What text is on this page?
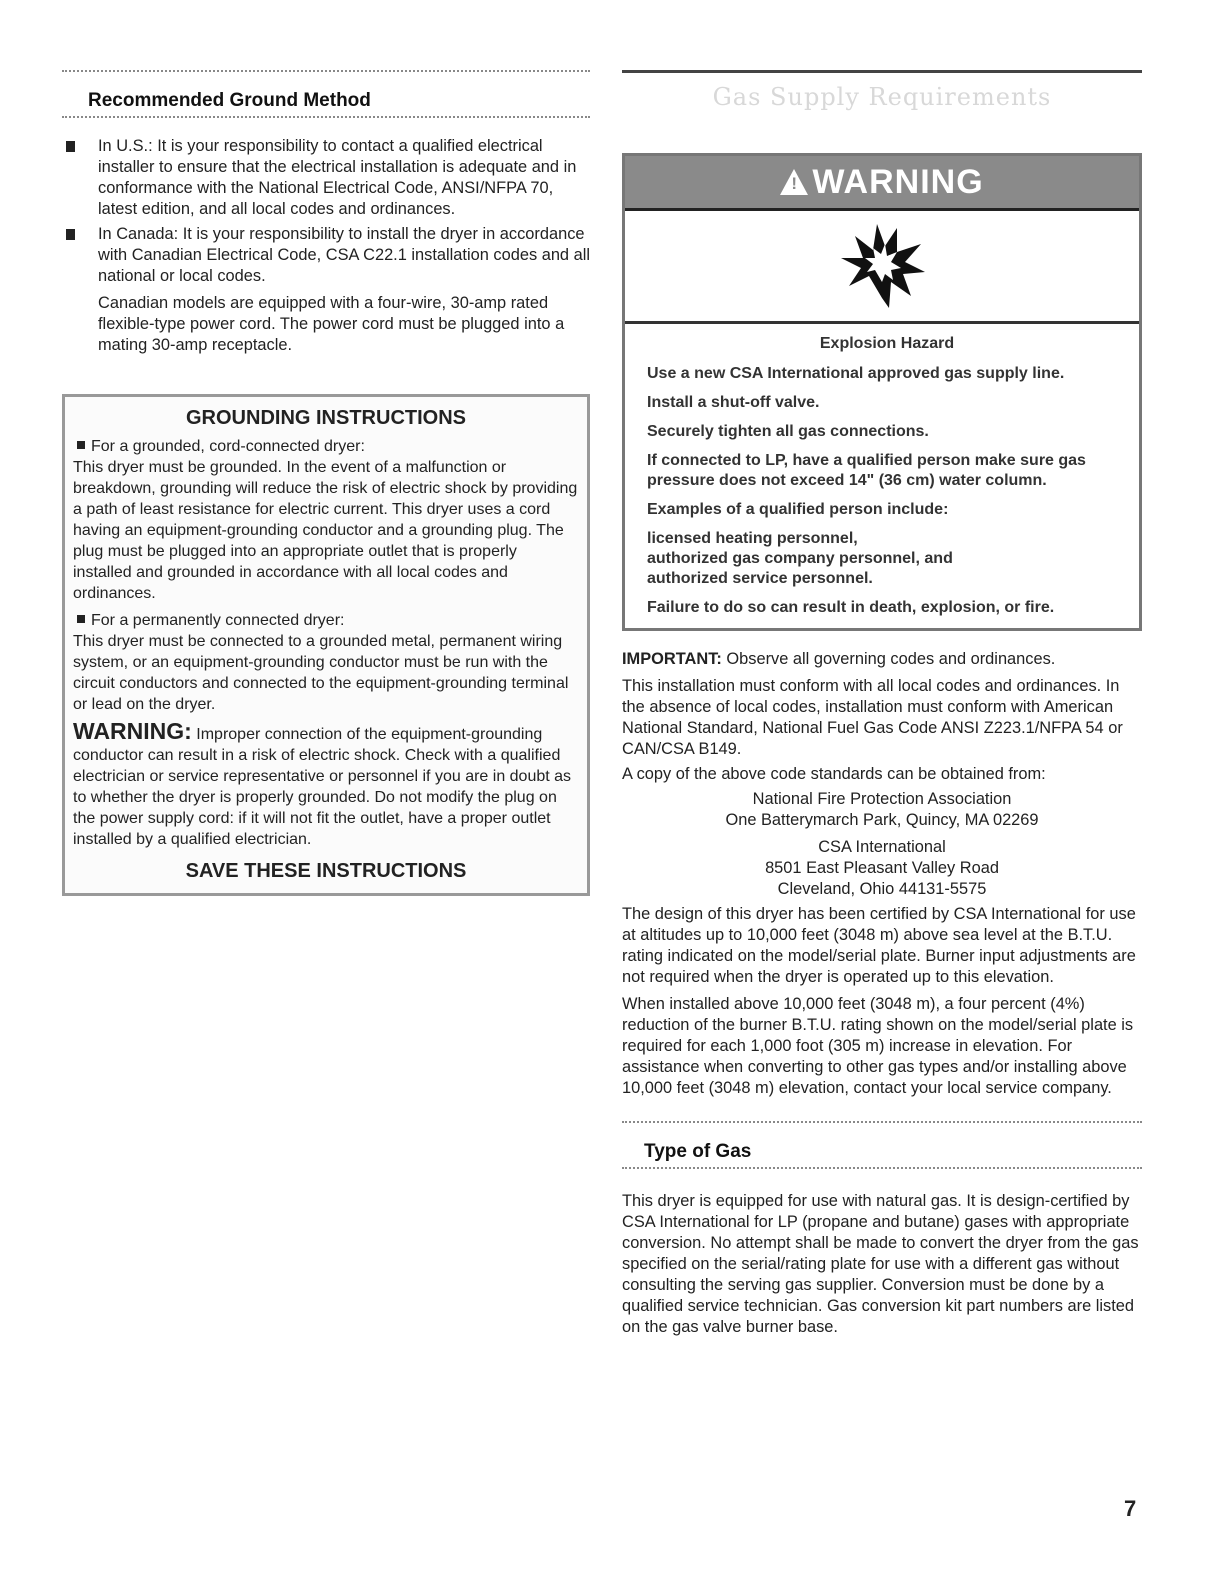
Recommended Ground Method
In U.S.: It is your responsibility to contact a qualified electrical installer to ensure that the electrical installation is adequate and in conformance with the National Electrical Code, ANSI/NFPA 70, latest edition, and all local codes and ordinances.
In Canada: It is your responsibility to install the dryer in accordance with Canadian Electrical Code, CSA C22.1 installation codes and all national or local codes.

Canadian models are equipped with a four-wire, 30-amp rated flexible-type power cord. The power cord must be plugged into a mating 30-amp receptacle.

GROUNDING INSTRUCTIONS
For a grounded, cord-connected dryer:
This dryer must be grounded. In the event of a malfunction or breakdown, grounding will reduce the risk of electric shock by providing a path of least resistance for electric current. This dryer uses a cord having an equipment-grounding conductor and a grounding plug. The plug must be plugged into an appropriate outlet that is properly installed and grounded in accordance with all local codes and ordinances.
For a permanently connected dryer:
This dryer must be connected to a grounded metal, permanent wiring system, or an equipment-grounding conductor must be run with the circuit conductors and connected to the equipment-grounding terminal or lead on the dryer.
WARNING: Improper connection of the equipment-grounding conductor can result in a risk of electric shock. Check with a qualified electrician or service representative or personnel if you are in doubt as to whether the dryer is properly grounded. Do not modify the plug on the power supply cord: if it will not fit the outlet, have a proper outlet installed by a qualified electrician.
SAVE THESE INSTRUCTIONS
Gas Supply Requirements
! WARNING
Explosion Hazard

Use a new CSA International approved gas supply line.

Install a shut-off valve.

Securely tighten all gas connections.

If connected to LP, have a qualified person make sure gas pressure does not exceed 14" (36 cm) water column.

Examples of a qualified person include:

licensed heating personnel,
authorized gas company personnel, and

authorized service personnel.

Failure to do so can result in death, explosion, or fire.

IMPORTANT: Observe all governing codes and ordinances.

This installation must conform with all local codes and ordinances. In the absence of local codes, installation must conform with American National Standard, National Fuel Gas Code ANSI Z223.1/NFPA 54 or CAN/CSA B149.

A copy of the above code standards can be obtained from:

National Fire Protection Association
One Batterymarch Park, Quincy, MA 02269
CSA International
8501 East Pleasant Valley Road
Cleveland, Ohio 44131-5575

The design of this dryer has been certified by CSA International for use at altitudes up to 10,000 feet (3048 m) above sea level at the B.T.U. rating indicated on the model/serial plate. Burner input adjustments are not required when the dryer is operated up to this elevation.

When installed above 10,000 feet (3048 m), a four percent (4%) reduction of the burner B.T.U. rating shown on the model/serial plate is required for each 1,000 foot (305 m) increase in elevation. For assistance when converting to other gas types and/or installing above 10,000 feet (3048 m) elevation, contact your local service company.

Type of Gas

This dryer is equipped for use with natural gas. It is design-certified by CSA International for LP (propane and butane) gases with appropriate conversion. No attempt shall be made to convert the dryer from the gas specified on the serial/rating plate for use with a different gas without consulting the serving gas supplier. Conversion must be done by a qualified service technician. Gas conversion kit part numbers are listed on the gas valve burner base.

7
